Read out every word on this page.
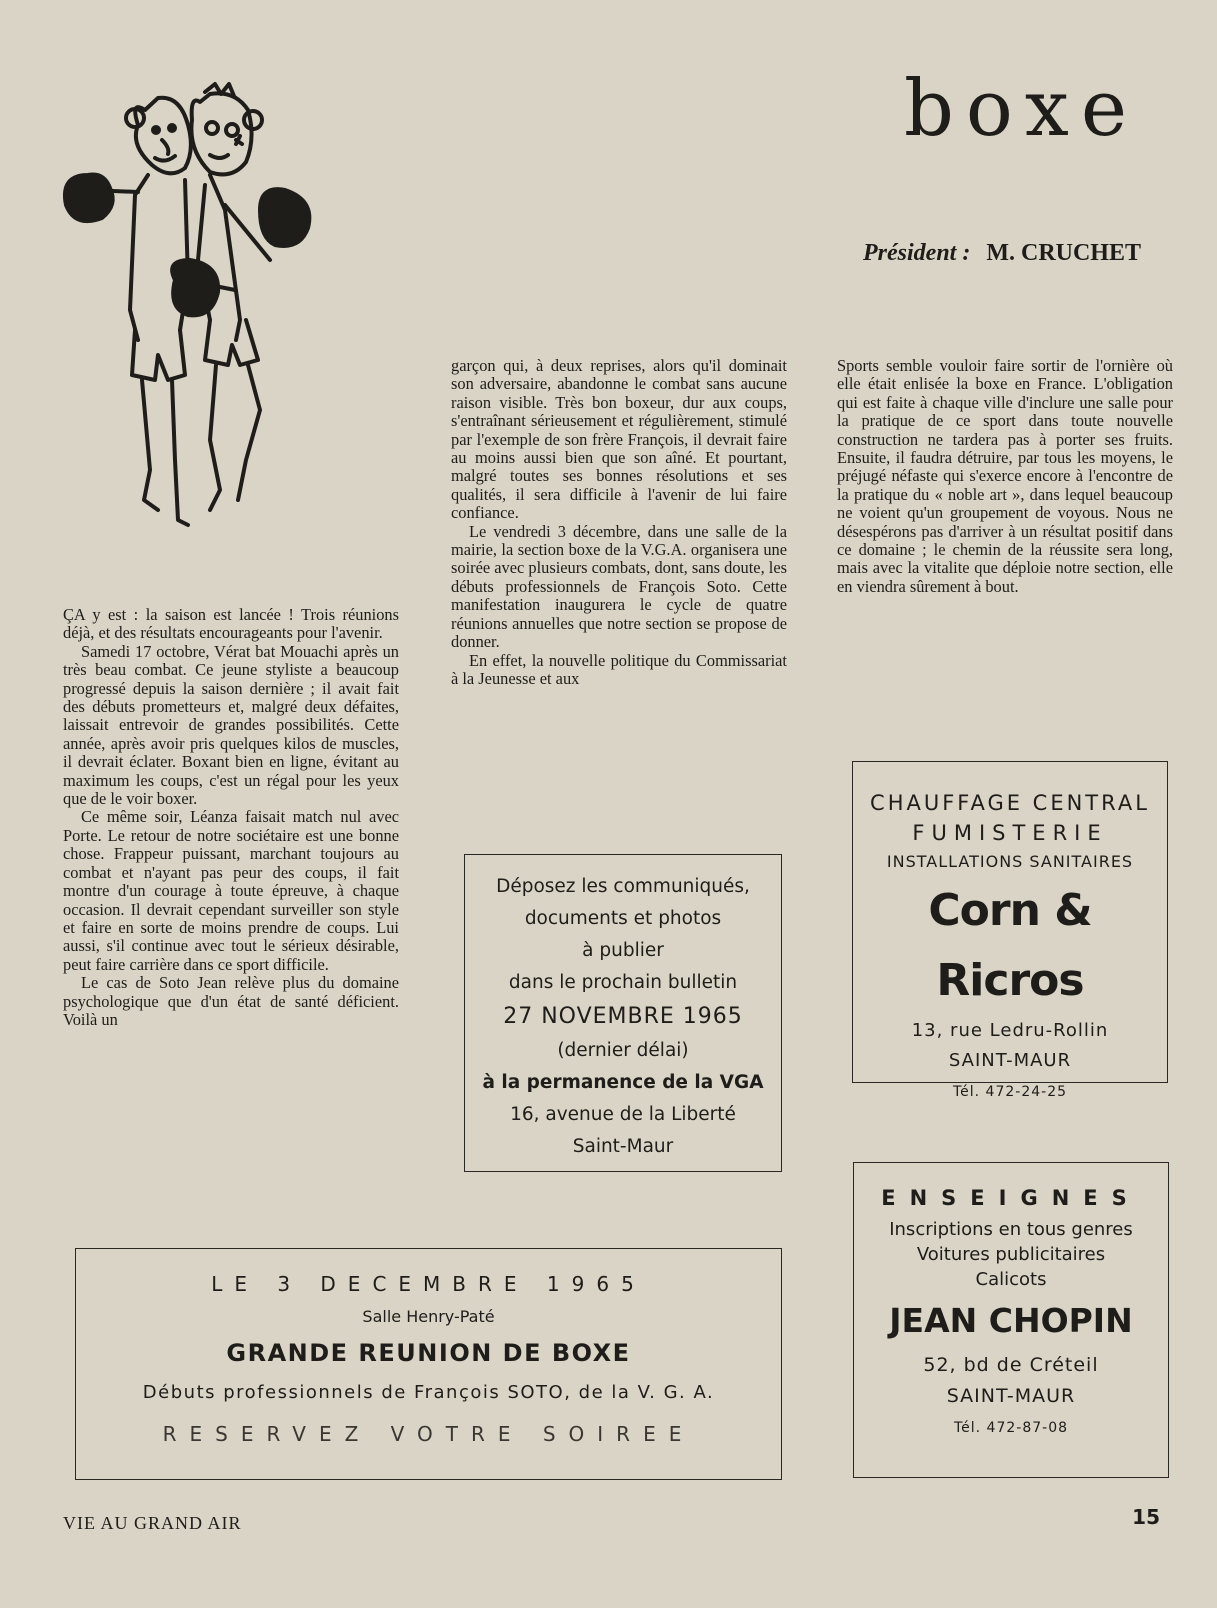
boxe
Président : M. CRUCHET

ÇA y est : la saison est lancée ! Trois réunions déjà, et des résultats encourageants pour l'avenir.

Samedi 17 octobre, Vérat bat Mouachi après un très beau combat. Ce jeune styliste a beaucoup progressé depuis la saison dernière ; il avait fait des débuts prometteurs et, malgré deux défaites, laissait entrevoir de grandes possibilités. Cette année, après avoir pris quelques kilos de muscles, il devrait éclater. Boxant bien en ligne, évitant au maximum les coups, c'est un régal pour les yeux que de le voir boxer.

Ce même soir, Léanza faisait match nul avec Porte. Le retour de notre sociétaire est une bonne chose. Frappeur puissant, marchant toujours au combat et n'ayant pas peur des coups, il fait montre d'un courage à toute épreuve, à chaque occasion. Il devrait cependant surveiller son style et faire en sorte de moins prendre de coups. Lui aussi, s'il continue avec tout le sérieux désirable, peut faire carrière dans ce sport difficile.

Le cas de Soto Jean relève plus du domaine psychologique que d'un état de santé déficient. Voilà un

garçon qui, à deux reprises, alors qu'il dominait son adversaire, abandonne le combat sans aucune raison visible. Très bon boxeur, dur aux coups, s'entraînant sérieusement et régulièrement, stimulé par l'exemple de son frère François, il devrait faire au moins aussi bien que son aîné. Et pourtant, malgré toutes ses bonnes résolutions et ses qualités, il sera difficile à l'avenir de lui faire confiance.

Le vendredi 3 décembre, dans une salle de la mairie, la section boxe de la V.G.A. organisera une soirée avec plusieurs combats, dont, sans doute, les débuts professionnels de François Soto. Cette manifestation inaugurera le cycle de quatre réunions annuelles que notre section se propose de donner.

En effet, la nouvelle politique du Commissariat à la Jeunesse et aux

Sports semble vouloir faire sortir de l'ornière où elle était enlisée la boxe en France. L'obligation qui est faite à chaque ville d'inclure une salle pour la pratique de ce sport dans toute nouvelle construction ne tardera pas à porter ses fruits. Ensuite, il faudra détruire, par tous les moyens, le préjugé néfaste qui s'exerce encore à l'encontre de la pratique du « noble art », dans lequel beaucoup ne voient qu'un groupement de voyous. Nous ne désespérons pas d'arriver à un résultat positif dans ce domaine ; le chemin de la réussite sera long, mais avec la vitalite que déploie notre section, elle en viendra sûrement à bout.

Déposez les communiqués,
documents et photos
à publier
dans le prochain bulletin
27 NOVEMBRE 1965
(dernier délai)
à la permanence de la VGA
16, avenue de la Liberté
Saint-Maur
CHAUFFAGE CENTRAL
FUMISTERIE
INSTALLATIONS SANITAIRES
Corn & Ricros
13, rue Ledru-Rollin
SAINT-MAUR
Tél. 472-24-25
ENSEIGNES
Inscriptions en tous genres
Voitures publicitaires
Calicots
JEAN CHOPIN
52, bd de Créteil
SAINT-MAUR
Tél. 472-87-08
LE 3 DECEMBRE 1965
Salle Henry-Paté
GRANDE REUNION DE BOXE
Débuts professionnels de François SOTO, de la V. G. A.
RESERVEZ VOTRE SOIREE
VIE AU GRAND AIR	15
